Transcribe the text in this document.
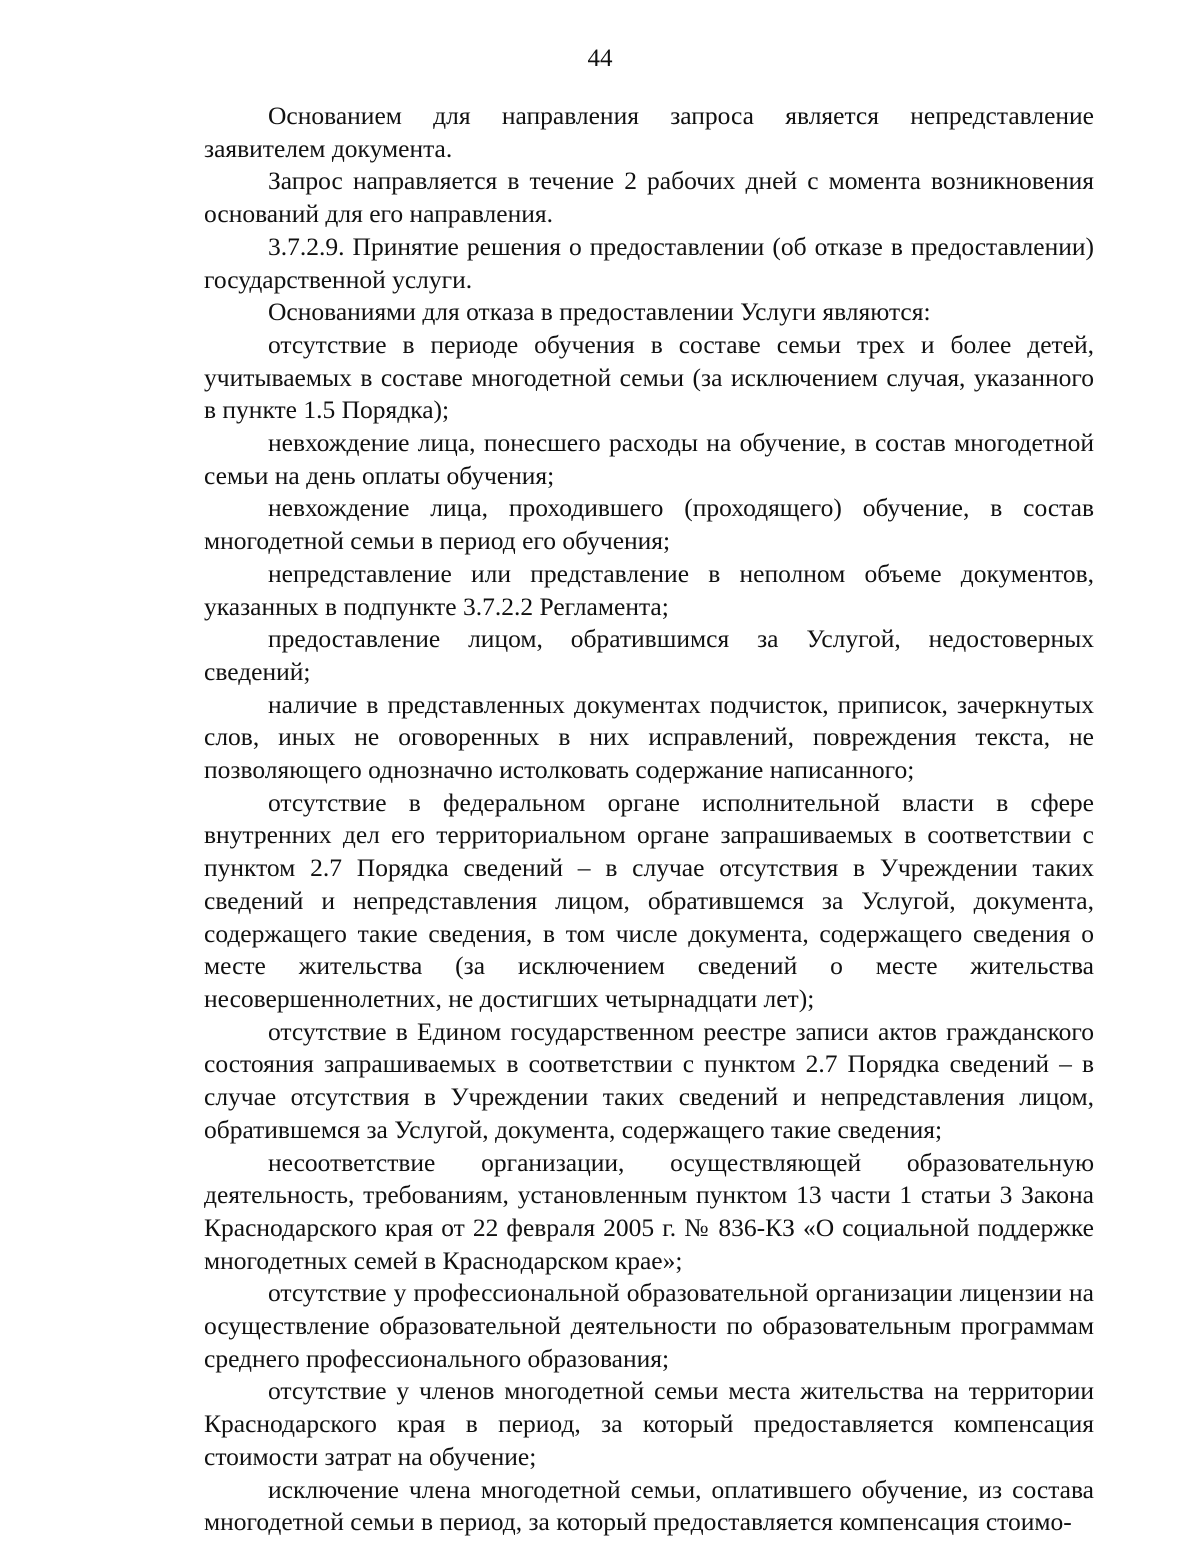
44

Основанием для направления запроса является непредставление заявителем документа.

Запрос направляется в течение 2 рабочих дней с момента возникновения оснований для его направления.

3.7.2.9. Принятие решения о предоставлении (об отказе в предоставлении) государственной услуги.

Основаниями для отказа в предоставлении Услуги являются:

отсутствие в периоде обучения в составе семьи трех и более детей, учитываемых в составе многодетной семьи (за исключением случая, указанного в пункте 1.5 Порядка);

невхождение лица, понесшего расходы на обучение, в состав многодетной семьи на день оплаты обучения;

невхождение лица, проходившего (проходящего) обучение, в состав многодетной семьи в период его обучения;

непредставление или представление в неполном объеме документов, указанных в подпункте 3.7.2.2 Регламента;

предоставление лицом, обратившимся за Услугой, недостоверных сведений;

наличие в представленных документах подчисток, приписок, зачеркнутых слов, иных не оговоренных в них исправлений, повреждения текста, не позволяющего однозначно истолковать содержание написанного;

отсутствие в федеральном органе исполнительной власти в сфере внутренних дел его территориальном органе запрашиваемых в соответствии с пунктом 2.7 Порядка сведений – в случае отсутствия в Учреждении таких сведений и непредставления лицом, обратившемся за Услугой, документа, содержащего такие сведения, в том числе документа, содержащего сведения о месте жительства (за исключением сведений о месте жительства несовершеннолетних, не достигших четырнадцати лет);

отсутствие в Едином государственном реестре записи актов гражданского состояния запрашиваемых в соответствии с пунктом 2.7 Порядка сведений – в случае отсутствия в Учреждении таких сведений и непредставления лицом, обратившемся за Услугой, документа, содержащего такие сведения;

несоответствие организации, осуществляющей образовательную деятельность, требованиям, установленным пунктом 13 части 1 статьи 3 Закона Краснодарского края от 22 февраля 2005 г. № 836-КЗ «О социальной поддержке многодетных семей в Краснодарском крае»;

отсутствие у профессиональной образовательной организации лицензии на осуществление образовательной деятельности по образовательным программам среднего профессионального образования;

отсутствие у членов многодетной семьи места жительства на территории Краснодарского края в период, за который предоставляется компенсация стоимости затрат на обучение;

исключение члена многодетной семьи, оплатившего обучение, из состава многодетной семьи в период, за который предоставляется компенсация стоимо-
